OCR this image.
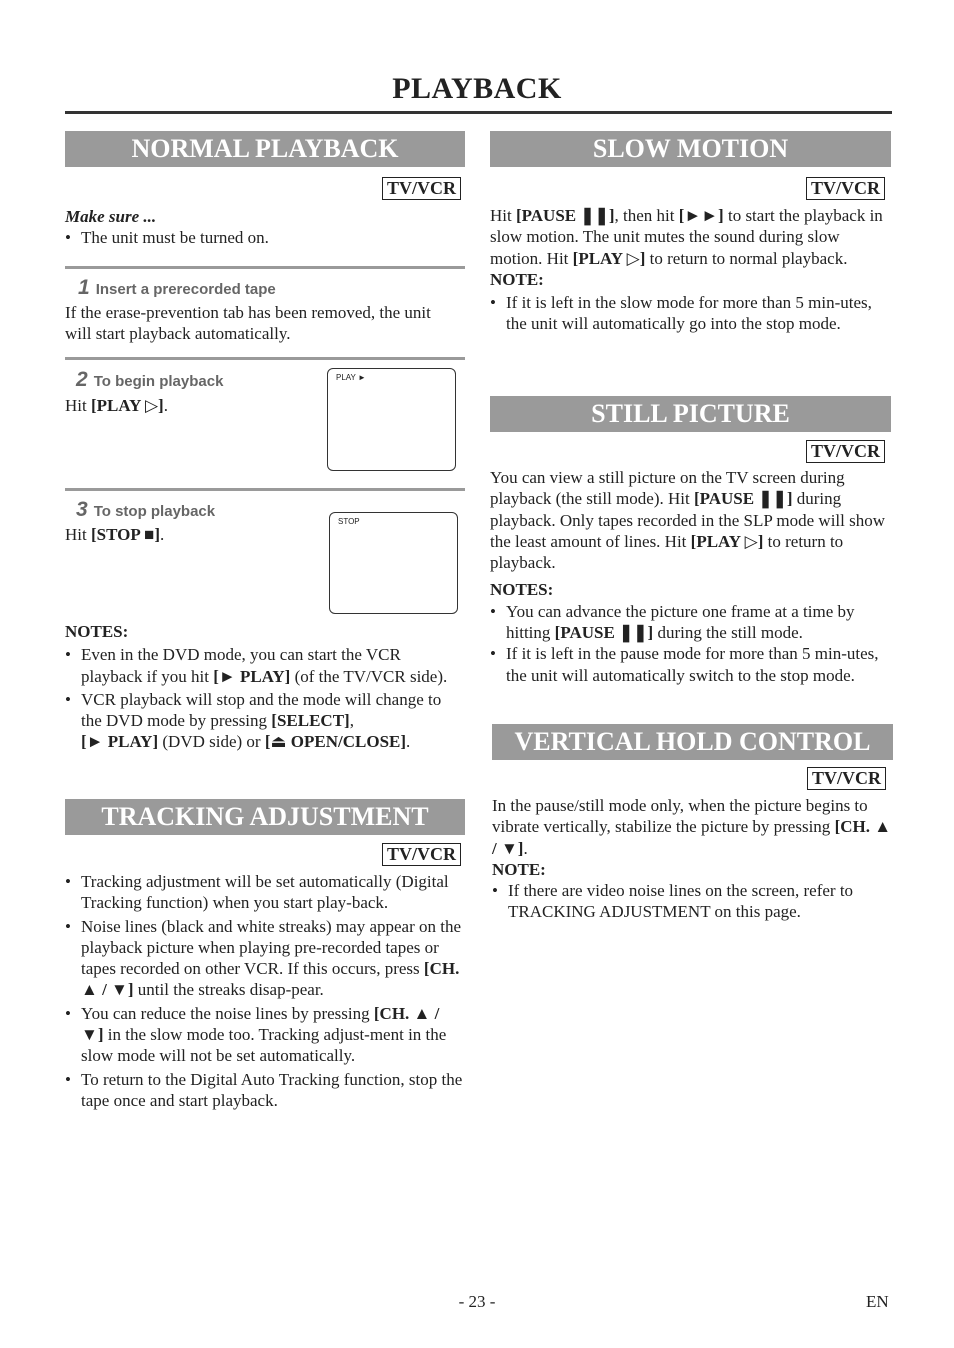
PLAYBACK
NORMAL PLAYBACK
TV/VCR

Make sure ...

• The unit must be turned on.

1 Insert a prerecorded tape
If the erase-prevention tab has been removed, the unit will start playback automatically.
2 To begin playback
Hit [PLAY ▷].
PLAY ►
3 To stop playback
Hit [STOP ■].
STOP

NOTES:

• Even in the DVD mode, you can start the VCR playback if you hit [► PLAY] (of the TV/VCR side).

• VCR playback will stop and the mode will change to the DVD mode by pressing [SELECT],
[► PLAY] (DVD side) or [⏏ OPEN/CLOSE].

TRACKING ADJUSTMENT
TV/VCR

• Tracking adjustment will be set automatically (Digital Tracking function) when you start play-back.

• Noise lines (black and white streaks) may appear on the playback picture when playing pre-recorded tapes or tapes recorded on other VCR. If this occurs, press [CH. ▲ / ▼] until the streaks disap-pear.

• You can reduce the noise lines by pressing [CH. ▲ / ▼] in the slow mode too. Tracking adjust-ment in the slow mode will not be set automatically.

• To return to the Digital Auto Tracking function, stop the tape once and start playback.

SLOW MOTION
TV/VCR

Hit [PAUSE ❚❚], then hit [►►] to start the playback in slow motion. The unit mutes the sound during slow motion. Hit [PLAY ▷] to return to normal playback.

NOTE:

• If it is left in the slow mode for more than 5 min-utes, the unit will automatically go into the stop mode.

STILL PICTURE
TV/VCR

You can view a still picture on the TV screen during playback (the still mode). Hit [PAUSE ❚❚] during playback. Only tapes recorded in the SLP mode will show the least amount of lines. Hit [PLAY ▷] to return to playback.

NOTES:

• You can advance the picture one frame at a time by hitting [PAUSE ❚❚] during the still mode.

• If it is left in the pause mode for more than 5 min-utes, the unit will automatically switch to the stop mode.

VERTICAL HOLD CONTROL
TV/VCR

In the pause/still mode only, when the picture begins to vibrate vertically, stabilize the picture by pressing [CH. ▲ / ▼].

NOTE:

• If there are video noise lines on the screen, refer to TRACKING ADJUSTMENT on this page.

- 23 -	EN
